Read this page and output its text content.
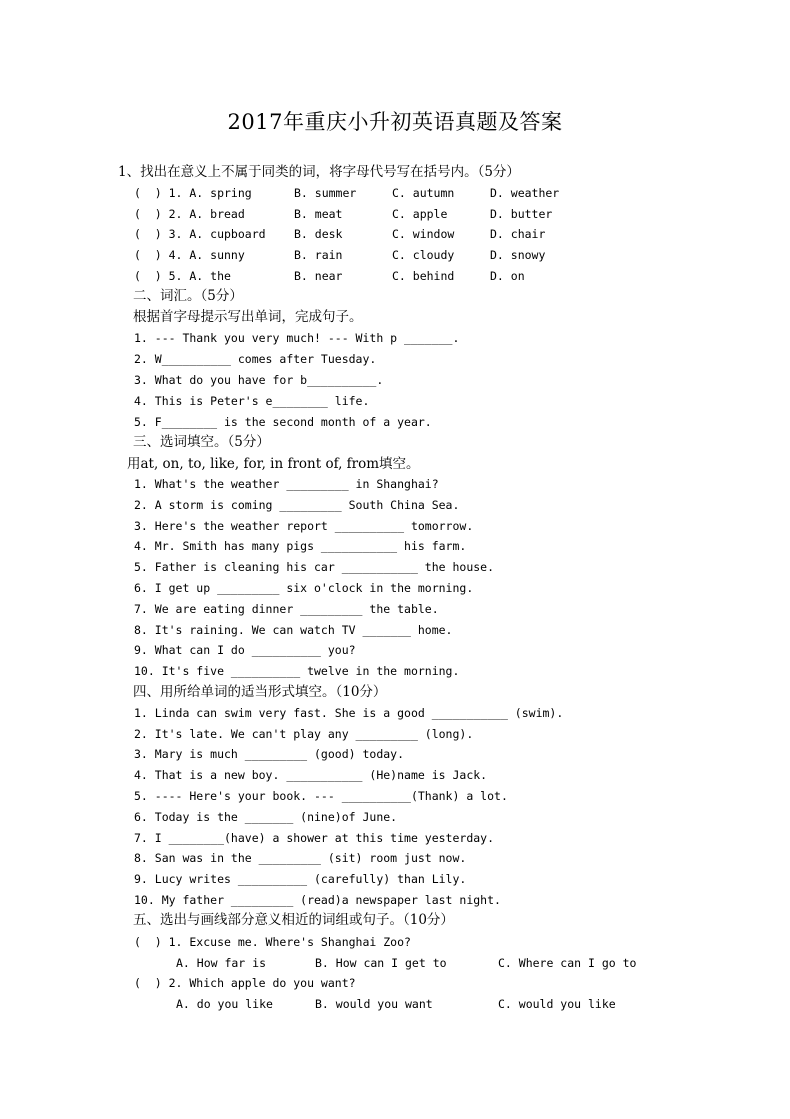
2017年重庆小升初英语真题及答案
1、找出在意义上不属于同类的词，将字母代号写在括号内。（5分）
(  ) 1. A. spring	B. summer	C. autumn	D. weather
(  ) 2. A. bread	B. meat	C. apple	D. butter
(  ) 3. A. cupboard B. desk	C. window	D. chair
(  ) 4. A. sunny	B. rain	C. cloudy	D. snowy
(  ) 5. A. the	B. near	C. behind	D. on
二、词汇。（5分）
根据首字母提示写出单词，完成句子。
1. --- Thank you very much! --- With p _______.
2. W__________ comes after Tuesday.
3. What do you have for b__________.
4. This is Peter's e________ life.
5. F________ is the second month of a year.
三、选词填空。（5分）
用at, on, to, like, for, in front of, from填空。
1. What's the weather _________ in Shanghai?
2. A storm is coming _________ South China Sea.
3. Here's the weather report __________ tomorrow.
4. Mr. Smith has many pigs ___________ his farm.
5. Father is cleaning his car ___________ the house.
6. I get up _________ six o'clock in the morning.
7. We are eating dinner _________ the table.
8. It's raining. We can watch TV _______ home.
9. What can I do __________ you?
10. It's five __________ twelve in the morning.
四、用所给单词的适当形式填空。（10分）
1. Linda can swim very fast. She is a good ___________ (swim).
2. It's late. We can't play any _________ (long).
3. Mary is much _________ (good) today.
4. That is a new boy. ___________ (He)name is Jack.
5. ---- Here's your book. --- __________(Thank) a lot.
6. Today is the _______ (nine)of June.
7. I ________(have) a shower at this time yesterday.
8. San was in the _________ (sit) room just now.
9. Lucy writes __________ (carefully) than Lily.
10. My father _________ (read)a newspaper last night.
五、选出与画线部分意义相近的词组或句子。（10分）
(  ) 1. Excuse me. Where's Shanghai Zoo?
A. How far is	B. How can I get to	C. Where can I go to
(  ) 2. Which apple do you want?
A. do you like	B. would you want	C. would you like
